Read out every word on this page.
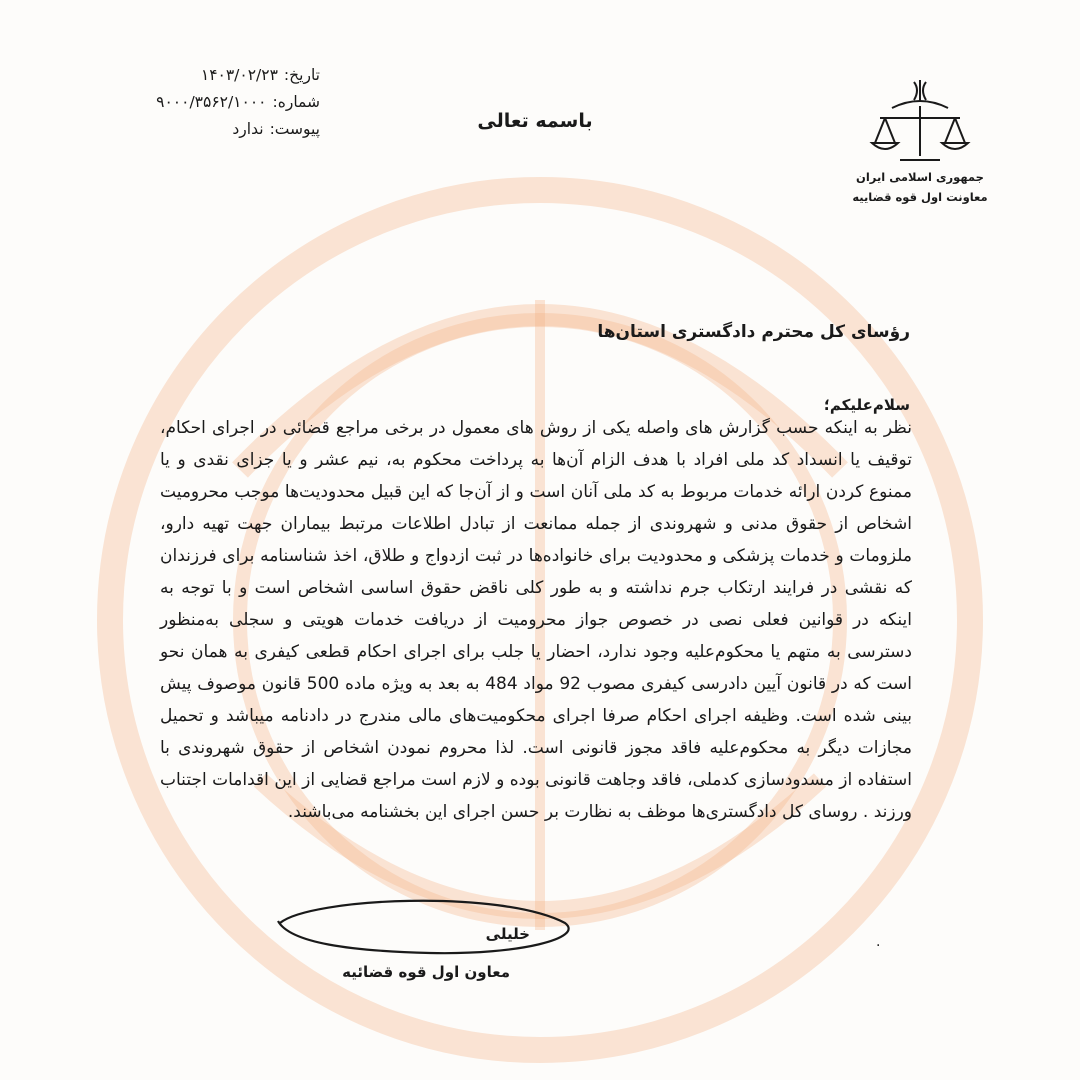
تاریخ:۱۴۰۳/۰۲/۲۳
شماره:۹۰۰۰/۳۵۶۲/۱۰۰۰
پیوست:ندارد	باسمه تعالی
جمهوری اسلامی ایران
معاونت اول قوه قضاییه
رؤسای کل محترم دادگستری استان‌ها
سلام‌علیکم؛

نظر به اینکه حسب گزارش های واصله یکی از روش های معمول در برخی مراجع قضائی در اجرای احکام، توقیف یا انسداد کد ملی افراد با هدف الزام آن‌ها به پرداخت محکوم به، نیم عشر و یا جزای نقدی و یا ممنوع کردن ارائه خدمات مربوط به کد ملی آنان است و از آن‌جا که این قبیل محدودیت‌ها موجب محرومیت اشخاص از حقوق مدنی و شهروندی از جمله ممانعت از تبادل اطلاعات مرتبط بیماران جهت تهیه دارو، ملزومات و خدمات پزشکی و محدودیت برای خانواده‌ها در ثبت ازدواج و طلاق، اخذ شناسنامه برای فرزندان که نقشی در فرایند ارتکاب جرم نداشته و به طور کلی ناقض حقوق اساسی اشخاص است و با توجه به اینکه در قوانین فعلی نصی در خصوص جواز محرومیت از دریافت خدمات هویتی و سجلی به‌منظور دسترسی به متهم یا محکوم‌علیه وجود ندارد، احضار یا جلب برای اجرای احکام قطعی کیفری به همان نحو است که در قانون آیین دادرسی کیفری مصوب 92 مواد 484 به بعد به ویژه ماده 500 قانون موصوف پیش بینی شده است. وظیفه اجرای احکام صرفا اجرای محکومیت‌های مالی مندرج در دادنامه میباشد و تحمیل مجازات دیگر به محکوم‌علیه فاقد مجوز قانونی است. لذا محروم نمودن اشخاص از حقوق شهروندی با استفاده از مسدودسازی کدملی، فاقد وجاهت قانونی بوده و لازم است مراجع قضایی از این اقدامات اجتناب ورزند . روسای کل دادگستری‌ها موظف به نظارت بر حسن اجرای این بخشنامه می‌باشند.

خلیلی
معاون اول قوه قضائیه
.
